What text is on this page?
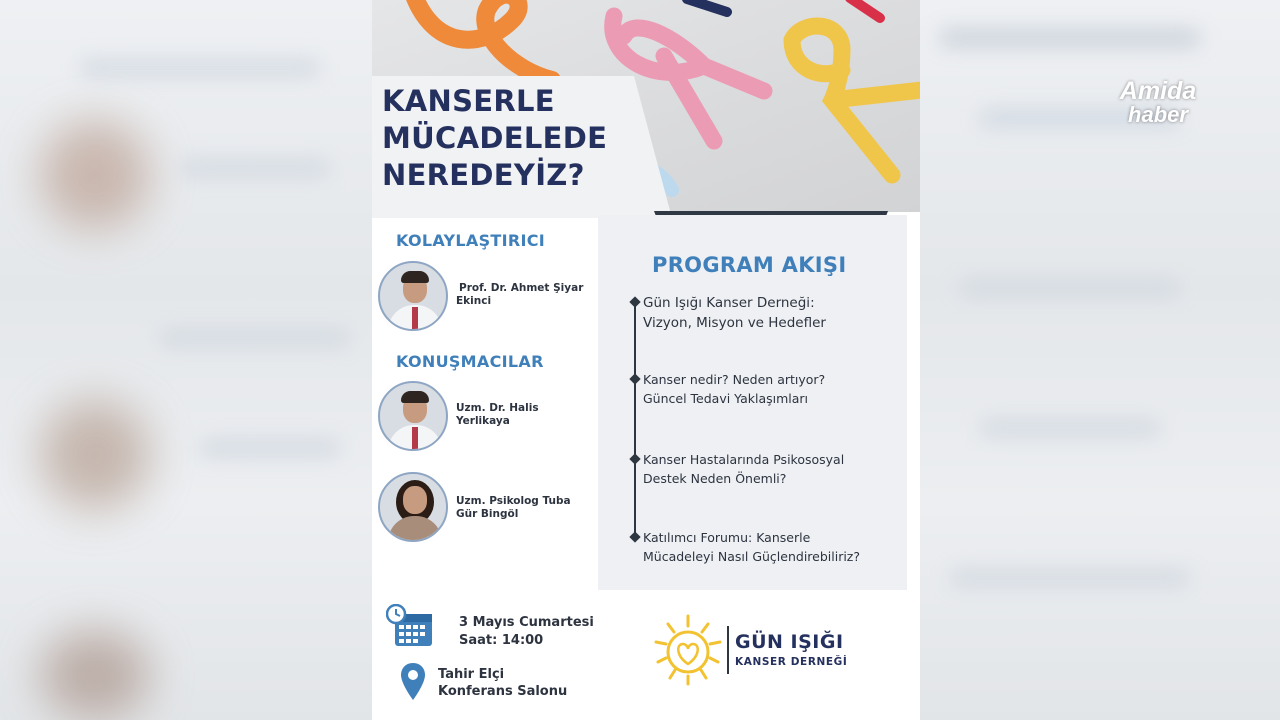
KANSERLE
MÜCADELEDE
NEREDEYİZ?
KOLAYLAŞTIRICI
Prof. Dr. Ahmet Şiyar
Ekinci
KONUŞMACILAR
Uzm. Dr. Halis
Yerlikaya
Uzm. Psikolog Tuba
Gür Bingöl
PROGRAM AKIŞI
Gün Işığı Kanser Derneği:
Vizyon, Misyon ve Hedefler
Kanser nedir? Neden artıyor?
Güncel Tedavi Yaklaşımları
Kanser Hastalarında Psikososyal
Destek Neden Önemli?
Katılımcı Forumu: Kanserle
Mücadeleyi Nasıl Güçlendirebiliriz?
3 Mayıs Cumartesi
Saat: 14:00
Tahir Elçi
Konferans Salonu
GÜN IŞIĞI
KANSER DERNEĞİ
Amida
haber
